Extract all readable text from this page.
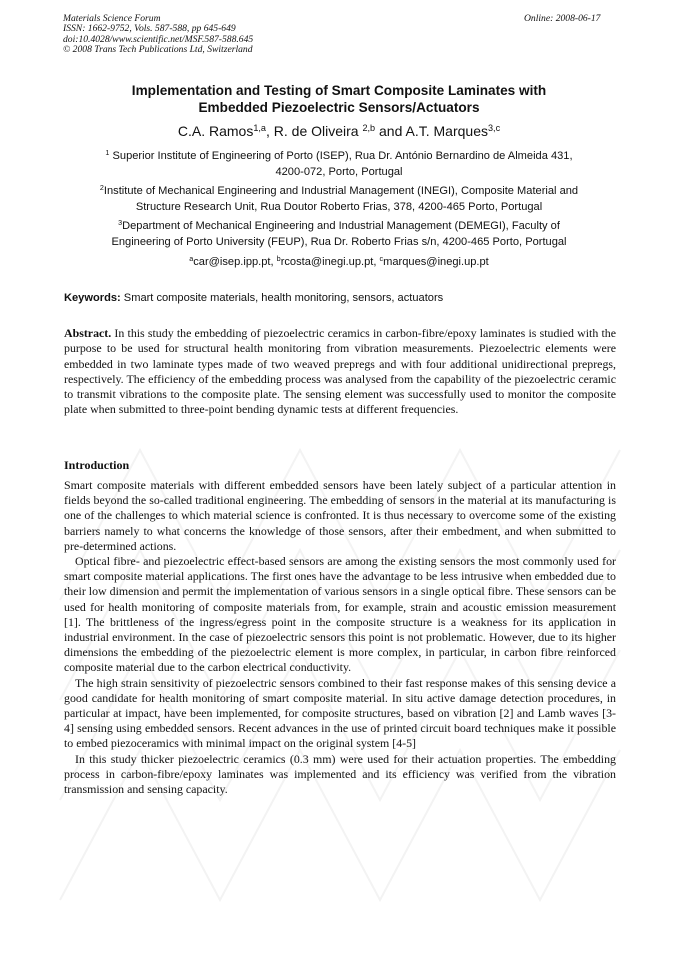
Materials Science Forum
ISSN: 1662-9752, Vols. 587-588, pp 645-649
doi:10.4028/www.scientific.net/MSF.587-588.645
© 2008 Trans Tech Publications Ltd, Switzerland
Online: 2008-06-17
Implementation and Testing of Smart Composite Laminates with
Embedded Piezoelectric Sensors/Actuators
C.A. Ramos$^{1,a}$, R. de Oliveira $^{2,b}$ and A.T. Marques$^{3,c}$
$^1$ Superior Institute of Engineering of Porto (ISEP), Rua Dr. António Bernardino de Almeida 431,
4200-072, Porto, Portugal
$^2$Institute of Mechanical Engineering and Industrial Management (INEGI), Composite Material and
Structure Research Unit, Rua Doutor Roberto Frias, 378, 4200-465 Porto, Portugal
$^3$Department of Mechanical Engineering and Industrial Management (DEMEGI), Faculty of
Engineering of Porto University (FEUP), Rua Dr. Roberto Frias s/n, 4200-465 Porto, Portugal
$^a$car@isep.ipp.pt, $^b$rcosta@inegi.up.pt, $^c$marques@inegi.up.pt
Keywords: Smart composite materials, health monitoring, sensors, actuators
Abstract. In this study the embedding of piezoelectric ceramics in carbon-fibre/epoxy laminates is studied with the purpose to be used for structural health monitoring from vibration measurements. Piezoelectric elements were embedded in two laminate types made of two weaved prepregs and with four additional unidirectional prepregs, respectively. The efficiency of the embedding process was analysed from the capability of the piezoelectric ceramic to transmit vibrations to the composite plate. The sensing element was successfully used to monitor the composite plate when submitted to three-point bending dynamic tests at different frequencies.
Introduction

Smart composite materials with different embedded sensors have been lately subject of a particular attention in fields beyond the so-called traditional engineering. The embedding of sensors in the material at its manufacturing is one of the challenges to which material science is confronted. It is thus necessary to overcome some of the existing barriers namely to what concerns the knowledge of those sensors, after their embedment, and when submitted to pre-determined actions.

Optical fibre- and piezoelectric effect-based sensors are among the existing sensors the most commonly used for smart composite material applications. The first ones have the advantage to be less intrusive when embedded due to their low dimension and permit the implementation of various sensors in a single optical fibre. These sensors can be used for health monitoring of composite materials from, for example, strain and acoustic emission measurement [1]. The brittleness of the ingress/egress point in the composite structure is a weakness for its application in industrial environment. In the case of piezoelectric sensors this point is not problematic. However, due to its higher dimensions the embedding of the piezoelectric element is more complex, in particular, in carbon fibre reinforced composite material due to the carbon electrical conductivity.

The high strain sensitivity of piezoelectric sensors combined to their fast response makes of this sensing device a good candidate for health monitoring of smart composite material. In situ active damage detection procedures, in particular at impact, have been implemented, for composite structures, based on vibration [2] and Lamb waves [3-4] sensing using embedded sensors. Recent advances in the use of printed circuit board techniques make it possible to embed piezoceramics with minimal impact on the original system [4-5]

In this study thicker piezoelectric ceramics (0.3 mm) were used for their actuation properties. The embedding process in carbon-fibre/epoxy laminates was implemented and its efficiency was verified from the vibration transmission and sensing capacity.
